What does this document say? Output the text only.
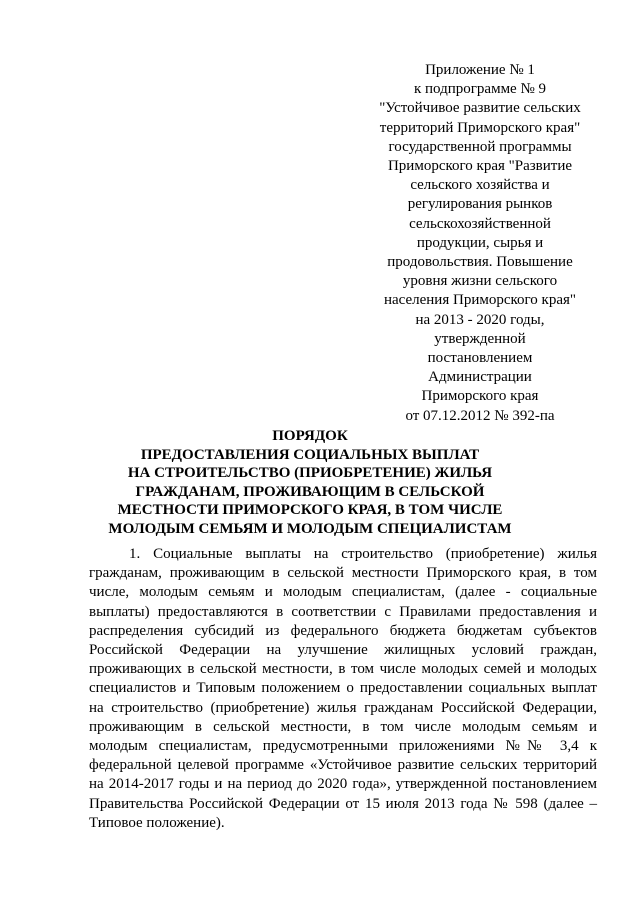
Приложение № 1
к подпрограмме № 9
"Устойчивое развитие сельских
территорий Приморского края"
государственной программы
Приморского края "Развитие
сельского хозяйства и
регулирования рынков
сельскохозяйственной
продукции, сырья и
продовольствия. Повышение
уровня жизни сельского
населения Приморского края"
на 2013 - 2020 годы,
утвержденной
постановлением
Администрации
Приморского края
от 07.12.2012 № 392-па
ПОРЯДОК
ПРЕДОСТАВЛЕНИЯ СОЦИАЛЬНЫХ ВЫПЛАТ
НА СТРОИТЕЛЬСТВО (ПРИОБРЕТЕНИЕ) ЖИЛЬЯ
ГРАЖДАНАМ, ПРОЖИВАЮЩИМ В СЕЛЬСКОЙ
МЕСТНОСТИ ПРИМОРСКОГО КРАЯ, В ТОМ ЧИСЛЕ
МОЛОДЫМ СЕМЬЯМ И МОЛОДЫМ СПЕЦИАЛИСТАМ
1. Социальные выплаты на строительство (приобретение) жилья
гражданам, проживающим в сельской местности Приморского края, в том
числе, молодым семьям и молодым специалистам, (далее - социальные
выплаты) предоставляются в соответствии с Правилами предоставления и
распределения субсидий из федерального бюджета бюджетам субъектов
Российской Федерации на улучшение жилищных условий граждан,
проживающих в сельской местности, в том числе молодых семей и молодых
специалистов и Типовым положением о предоставлении социальных выплат
на строительство (приобретение) жилья гражданам Российской Федерации,
проживающим в сельской местности, в том числе молодым семьям и
молодым специалистам, предусмотренными приложениями №№ 3,4 к
федеральной целевой программе «Устойчивое развитие сельских территорий
на 2014-2017 годы и на период до 2020 года», утвержденной постановлением
Правительства Российской Федерации от 15 июля 2013 года № 598 (далее –
Типовое положение).
